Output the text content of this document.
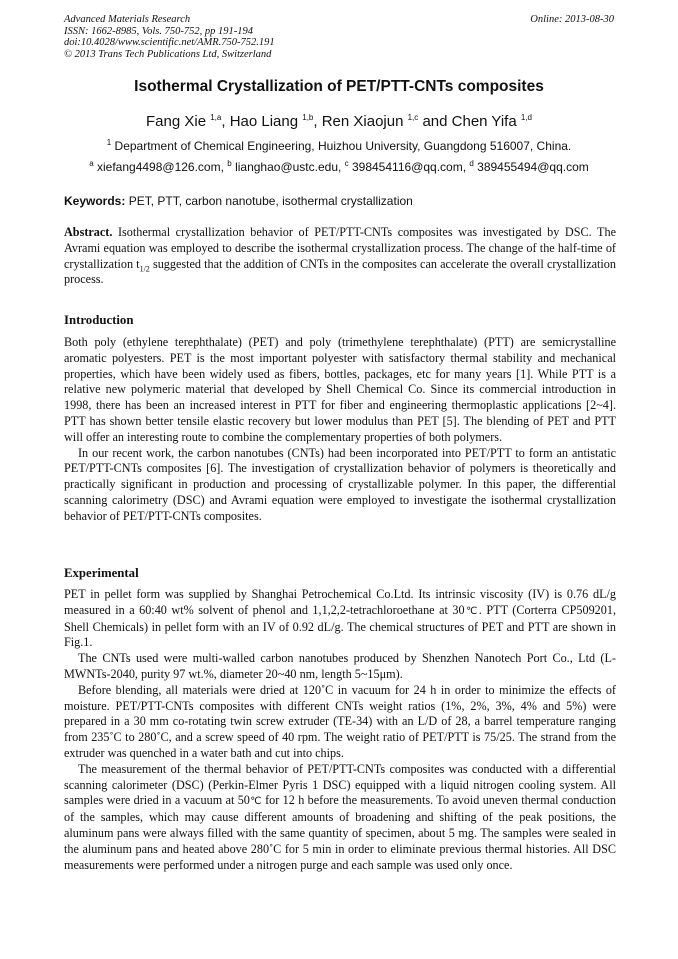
Advanced Materials Research
ISSN: 1662-8985, Vols. 750-752, pp 191-194
doi:10.4028/www.scientific.net/AMR.750-752.191
© 2013 Trans Tech Publications Ltd, Switzerland
Online: 2013-08-30
Isothermal Crystallization of PET/PTT-CNTs composites
Fang Xie $^{1,a}$, Hao Liang $^{1,b}$, Ren Xiaojun $^{1,c}$ and Chen Yifa $^{1,d}$
$^1$ Department of Chemical Engineering, Huizhou University, Guangdong 516007, China.
$^a$ xiefang4498@126.com, $^b$ lianghao@ustc.edu, $^c$ 398454116@qq.com, $^d$ 389455494@qq.com
Keywords: PET, PTT, carbon nanotube, isothermal crystallization
Abstract. Isothermal crystallization behavior of PET/PTT-CNTs composites was investigated by DSC. The Avrami equation was employed to describe the isothermal crystallization process. The change of the half-time of crystallization $t_{1/2}$ suggested that the addition of CNTs in the composites can accelerate the overall crystallization process.
Introduction

Both poly (ethylene terephthalate) (PET) and poly (trimethylene terephthalate) (PTT) are semicrystalline aromatic polyesters. PET is the most important polyester with satisfactory thermal stability and mechanical properties, which have been widely used as fibers, bottles, packages, etc for many years [1]. While PTT is a relative new polymeric material that developed by Shell Chemical Co. Since its commercial introduction in 1998, there has been an increased interest in PTT for fiber and engineering thermoplastic applications [2~4]. PTT has shown better tensile elastic recovery but lower modulus than PET [5]. The blending of PET and PTT will offer an interesting route to combine the complementary properties of both polymers.

In our recent work, the carbon nanotubes (CNTs) had been incorporated into PET/PTT to form an antistatic PET/PTT-CNTs composites [6]. The investigation of crystallization behavior of polymers is theoretically and practically significant in production and processing of crystallizable polymer. In this paper, the differential scanning calorimetry (DSC) and Avrami equation were employed to investigate the isothermal crystallization behavior of PET/PTT-CNTs composites.

Experimental

PET in pellet form was supplied by Shanghai Petrochemical Co.Ltd. Its intrinsic viscosity (IV) is 0.76 dL/g measured in a 60:40 wt% solvent of phenol and 1,1,2,2-tetrachloroethane at 30℃. PTT (Corterra CP509201, Shell Chemicals) in pellet form with an IV of 0.92 dL/g. The chemical structures of PET and PTT are shown in Fig.1.

The CNTs used were multi-walled carbon nanotubes produced by Shenzhen Nanotech Port Co., Ltd (L-MWNTs-2040, purity 97 wt.%, diameter 20~40 nm, length 5~15μm).

Before blending, all materials were dried at 120˚C in vacuum for 24 h in order to minimize the effects of moisture. PET/PTT-CNTs composites with different CNTs weight ratios (1%, 2%, 3%, 4% and 5%) were prepared in a 30 mm co-rotating twin screw extruder (TE-34) with an L/D of 28, a barrel temperature ranging from 235˚C to 280˚C, and a screw speed of 40 rpm. The weight ratio of PET/PTT is 75/25. The strand from the extruder was quenched in a water bath and cut into chips.

The measurement of the thermal behavior of PET/PTT-CNTs composites was conducted with a differential scanning calorimeter (DSC) (Perkin-Elmer Pyris 1 DSC) equipped with a liquid nitrogen cooling system. All samples were dried in a vacuum at 50℃ for 12 h before the measurements. To avoid uneven thermal conduction of the samples, which may cause different amounts of broadening and shifting of the peak positions, the aluminum pans were always filled with the same quantity of specimen, about 5 mg. The samples were sealed in the aluminum pans and heated above 280˚C for 5 min in order to eliminate previous thermal histories. All DSC measurements were performed under a nitrogen purge and each sample was used only once.
